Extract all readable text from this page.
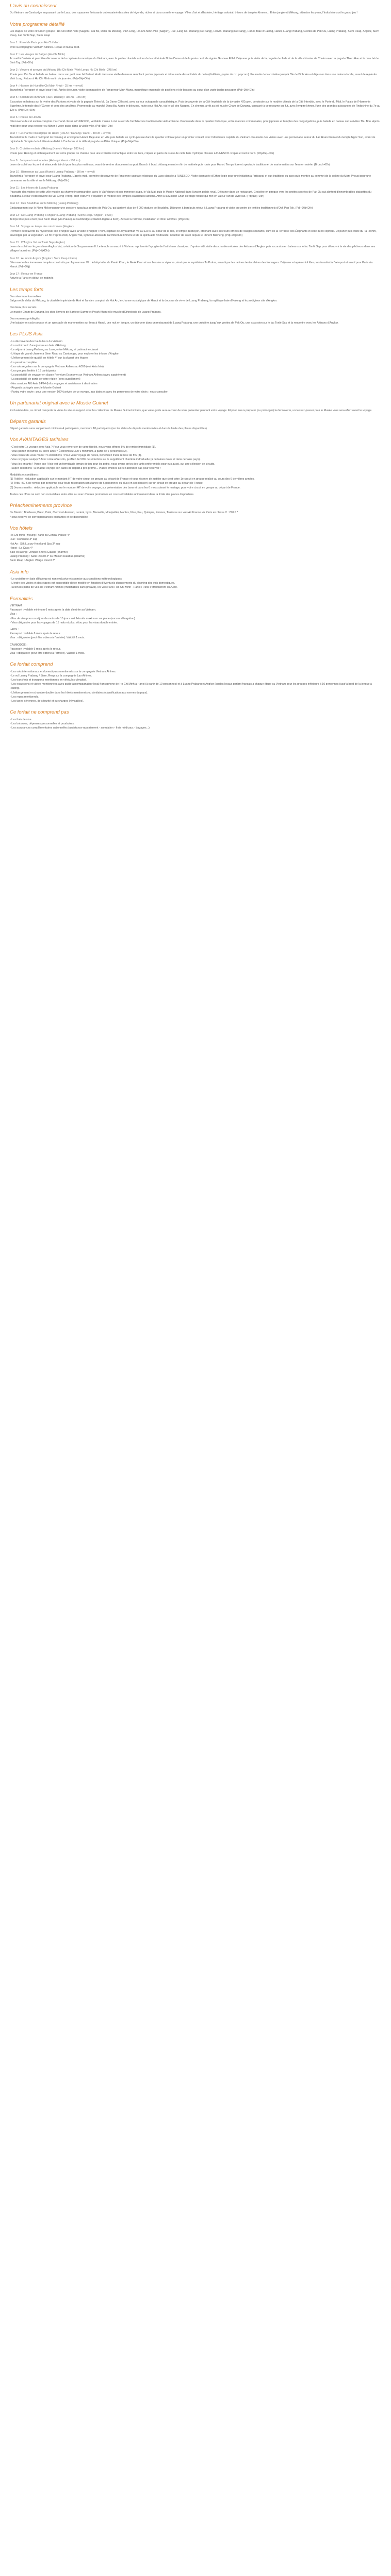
L'avis du connaisseur

Du Vietnam au Cambodge en passant par le Laos, des royaumes florissants ont essaimé des sites de légende, riches si dans un même voyage. Villes d'art et d'histoire, héritage colonial, trésors de temples khmers... Entre jungle et Mékong, attention les yeux, l'Indochine sort le grand jeu !

Votre programme détaillé

Les étapes de votre circuit en groupe : Ho-Chi-Minh-Ville (Saigon), Cai Be, Delta du Mékong, Vinh Long, Ho-Chi-Minh-Ville (Saigon), Hué, Lang Co, Danang (De Nang), Hoi An, Danang (De Nang), Hanoi, Baie d'Halong, Hanoi, Luang Prabang, Grottes de Pak Ou, Luang Prabang, Siem Reap, Angkor, Siem Reap, Lac Tonlé Sap, Siem Reap

Jour 1 : Envol de Paris pour Ho Chi Minh

avec la compagnie Vietnam Airlines. Repas et nuit à bord.

Jour 2 : Les visages de Saïgon (Ho Chi Minh)

Accueil à l'arrivée et première découverte de la capitale économique du Vietnam, avec la partie coloniale autour de la cathédrale Notre-Dame et de la poste centrale signée Gustave Eiffel. Déjeuner puis visite de la pagode de Jade et de la ville chinoise de Cholon avec la pagode Thien Hau et le marché de Binh Tay. (Pdj+Dîn)

Jour 3 : Vergers et arroyos du Mékong (Ho Chi Minh / Vinh Long / Ho Chi Minh - 245 km)

Route pour Cai Be et balade en bateau dans son petit marché flottant. Arrêt dans une vieille demeure remplacé par les japonais et découverte des activités du delta (distillerie, papier de riz, popcorn). Poursuite de la croisière jusqu'à l'île de Binh Hoa et déjeuner dans une maison locale, avant de rejoindre Vinh Long. Retour à Ho Chi Minh en fin de journée. (Pdj+Déj+Dîn)

Jour 4 : Histoire de Hué (Ho Chi Minh / Hué - 25 km + envol)

Transfert à l'aéroport et envol pour Hué. Après déjeuner, visite du mausolée de l'empereur Minh Mang, magnifique ensemble de pavillons et de bassins au cœur d'un vaste jardin paysager. (Pdj+Déj+Dîn)

Jour 5 : Splendeurs d'Annam (Hué / Danang / Hoi An - 145 km)

Excursion en bateau sur la rivière des Parfums et visite de la pagode Thien Mu (la Dame Céleste), avec sa tour octogonale caractéristique. Puis découverte de la Cité Impériale de la dynastie N'Guyen, construite sur le modèle chinois de la Cité Interdite, avec le Porte du Midi, le Palais de l'Harmonie Suprême, le temple des N'Guyen et celui des ancêtres. Promenade au marché Dong Ba. Après le déjeuner, route pour Hoi An, via le col des Nuages. En chemin, arrêt au joli musée Cham de Danang, consacré à ce royaume qui fut, avec l'empire khmer, l'une des grandes puissances de l'Indochine du 7e au 12e s. (Pdj+Déj+Dîn)

Jour 6 : Poésie de Hoi An

Découverte de cet ancien comptoir marchand classé à l'UNESCO, véritable musée à ciel ouvert de l'architecture traditionnelle vietnamienne. Promenade dans le quartier historique, entre maisons communales, pont japonais et temples des congrégations, puis balade en bateau sur la rivière Thu Bon. Après-midi libre pour vous reposer ou flâner à votre guise dans la vieille ville. (Pdj+Déj+Dîn)

Jour 7 : Le charme nostalgique de Hanoï (Hoi An / Danang / Hanoï - 40 km + envol)

Transfert tôt le matin à l'aéroport de Danang et envol pour Hanoi. Déjeuner en ville puis balade en cyclo-pousse dans le quartier colonial pour un premier contact avec l'attachante capitale du Vietnam. Poursuite des visites avec une promenade autour du Lac Hoan Kiem et du temple Ngoc Son, avant de rejoindre le Temple de la Littérature dédié à Confucius et le délicat pagode au Pilier Unique. (Pdj+Déj+Dîn)

Jour 8 : Croisière en baie d'Halong (Hanoi / Halong - 180 km)

Route pour Halong et embarquement sur votre jonque de charme pour une croisière romantique entre les îlots, criques et pains de sucre de cette baie mythique classée à l'UNESCO. Repas et nuit à bord. (Pdj+Déj+Dîn)

Jour 9 : Jonque et marionnettes (Halong / Hanoi - 180 km)

Lever de soleil sur le pont et séance de tai-chi pour les plus matinaux, avant de rentrer doucement au port. Brunch à bord, débarquement en fin de matinée puis route pour Hanoi. Temps libre et spectacle traditionnel de marionnettes sur l'eau en soirée. (Brunch+Dîn)

Jour 10 : Bienvenue au Laos (Hanoi / Luang Prabang - 30 km + envol)

Transfert à l'aéroport et envol pour Luang Prabang. L'après-midi, première découverte de l'ancienne capitale religieuse du Laos classée à l'UNESCO. Visite du musée d'Ethno-logie pour une initiation à l'artisanat et aux traditions du pays puis montée au sommet de la colline du Mont Phousi pour une panorama sur la ville et sur le Mékong. (Pdj+Dîn)

Jour 11 : Les trésors de Luang Prabang

Poursuite des visites de cette ville-musée au charme incomparable, avec le Vat Visoun et son immense stupa, le Vat Mai, puis le Musée National dans l'ancien palais royal. Déjeuner dans un restaurant. Croisière en pirogue vers les grottes sacrées de Pak Ou qui abritent d'innombrables statuettes du Bouddha. Retour et découverte du Vat Xieng Thong, chef-d'œuvre d'équilibre et modèle des temples classiques laotiens. Arrêt à la Maison Chan Heritage house qui met en valeur l'art de vivre lao. (Pdj+Déj+Dîn)

Jour 12 : Des Bouddhas sur le Mékong (Luang Prabang)

Embarquement sur le Nava Mékong pour une croisière jusqu'aux grottes de Pak Ou, qui abritent plus de 4 000 statues de Bouddha. Déjeuner à bord puis retour à Luang Prabang et visite du centre de textiles traditionnels d'Ock Pop Tok. (Pdj+Déj+Dîn)

Jour 13 : De Luang Prabang à Angkor (Luang Prabang / Siem Reap / Angkor - envol)

Temps libre puis envol pour Siem Reap (via Pakse) au Cambodge (collation légère à bord). Accueil à l'arrivée, installation et dîner à l'hôtel. (Pdj+Dîn)

Jour 14 : Voyage au temps des rois khmers (Angkor)

Première découverte du mystérieux site d'Angkor avec la visite d'Angkor Thom, capitale de Jayavarman VII au 12e s. Au cœur de la cité, le temple du Bayon, étonnant avec ses tours ornées de visages souriants, suivi de la Terrasse des Éléphants et celle du roi lépreux. Déjeuner puis visite du Ta Prohm, enveloppé par la végétation. En fin d'après-midi, Angkor Vat, symbole absolu de l'architecture khmère et de la spiritualité hindouiste. Coucher de soleil depuis le Phnom Bakheng. (Pdj+Déj+Dîn)

Jour 15 : D'Angkor Vat au Tonlé Sap (Angkor)

Lever de soleil sur le grandiose Angkor Vat, création de Suryavarman II. Le temple consacré à Vishnou représente l'apogée de l'art khmer classique. L'après-midi, visite des chantiers-écoles des Artisans d'Angkor puis excursion en bateau sur le lac Tonlé Sap pour découvrir la vie des pêcheurs dans ses villages lacustres. (Pdj+Déj+Dîn)

Jour 16 : Au revoir Angkor (Angkor / Siem Reap / Paris)

Découverte des immenses temples construits par Jayavarman VII : le labyrinthe du Preah Khan, le Neak Pean et ses bassins sculptures, ainsi que le mystérieux Ta Prohm, envahi par les racines tentaculaires des fromagers. Déjeuner et après-midi libre puis transfert à l'aéroport et envol pour Paris via Hanoi. (Pdj+Déj)

Jour 17 : Retour en France

Arrivée à Paris en début de matinée.

Les temps forts

Des sites incontournables

Saïgon et le delta du Mékong, la citadelle impériale de Hué et l'ancien comptoir de Hoi An, le charme nostalgique de Hanoi et la douceur de vivre de Luang Prabang, la mythique baie d'Halong et le prodigieux site d'Angkor.

Des lieux plus secrets

Le musée Cham de Danang, les sites khmers de Banteay Samre et Preah Khan et le musée d'Ethnologie de Luang Prabang.

Des moments privilégiés

Une balade en cyclo-pousse et un spectacle de marionnettes sur l'eau à Hanoï, une nuit en jonque, un déjeuner dans un restaurant de Luang Prabang, une croisière jusqu'aux grottes de Pak Ou, une excursion sur le lac Tonlé Sap et la rencontre avec les Artisans d'Angkor.

Les PLUS Asia

- La découverte des hauts-lieux du Vietnam

- La nuit à bord d'une jonque en baie d'Halong

- Le séjour à Luang Prabang au Laos, entre Mékong et patrimoine classé

- L'étape de grand charme à Siem Reap au Cambodge, pour explorer les trésors d'Angkor

- L'hébergement de qualité en hôtels 4* sur la plupart des étapes

- La pension complète

- Les vols réguliers sur la compagnie Vietnam Airlines au A350 (voir Asia Info)

- Les groupes limités à 18 participants

- La possibilité de voyager en classe Premium Economy sur Vietnam Airlines (avec supplément)

- La possibilité de partir de votre région (avec supplément)

- Nos services Allô Asia 24/24 (Infos voyages et assistance à destination

- Regards partagés avec le Musée Guimet

- Partez votre envie : pour une version 100% privée de ce voyage, aux dates et avec les personnes de votre choix : nous consulter.

Un partenariat original avec le Musée Guimet

Exclusivité Asia, ce circuit comporte la visite du site en rapport avec les collections du Musée Guimet à Paris, que votre guide aura à cœur de vous présenter pendant votre voyage. Et pour mieux préparer (ou prolonger) la découverte, un laissez-passer pour le Musée vous sera offert avant le voyage.

Départs garantis

Départ garantis sans supplément minimum 4 participants, maximum 18 participants (sur les dates de départs mentionnées et dans la limite des places disponibles).

Vos AVANTAGES tarifaires

- C'est votre 1e voyage avec Asia ? Pour vous remercier de votre fidélité, nous vous offrons 5% de remise immédiate (1).

- Vous partez en famille ou entre amis ? Économisez 300 € minimum, à partir de 6 personnes (2).

- Vous venez de vous marier ? Félicitations ! Pour votre voyage de noces, bénéficiez d'une remise de 5% (3).

- Vous voyagez seul(e) ? Avec notre offre solo, profitez de 50% de réduction sur le supplément chambre individuelle (à certaines dates et dans certains pays).

- Vous les enfants ! Parce que l'Asie est un formidable terrain de jeu pour les petits, nous avons prévu des tarifs préférentiels pour eux aussi, sur une sélection de circuits.

- Super Tentations : à chaque voyage son dates de départ à prix promo... Places limitées alors n'attendez pas pour réserver !

Modalités et conditions :

(1) Fidélité : réduction applicable sur le montant HT de votre circuit en groupe au départ de France et vous réserve de justifier que c'est votre 1e circuit en groupe réalisé au cours des 6 dernières années.

(2) Tribu : 50 € de remise par personne pour toute réservation simultanée de 6 personnes ou plus (en soit dossier) sur un circuit en groupe au départ de France.

(3) Jeunes mariés : réduction applicable sur le montant HT de votre voyage, sur présentation des bans et dans les 6 mois suivant le mariage, pour votre circuit en groupe au départ de France.

Toutes ces offres ne sont non cumulables entre elles ou avec d'autres promotions en cours et valables uniquement dans la limite des places disponibles.

Préacheminements province

De Biarritz, Bordeaux, Brest, Calvi, Clermont-Ferrand, Lorient, Lyon, Marseille, Montpellier, Nantes, Nice, Pau, Quimper, Rennes, Toulouse sur vols Air France via Paris en classe V : 270 € *

* sous réserve de correspondances existantes et de disponibilité.

Vos hôtels

Ho Chi Minh : Moung Thanh ou Central Palace 4*

Hué : Romance 3* sup

Hoi An : Silk Luxury Hotel and Spa 3* sup

Hanoi : La Casa 4*

Baie d'Halong : Jonque Bhaya Classic (charme)

Luang Prabang : Santi Resort 4* ou Maison Dalabua (charme)

Siem Reap : Angkor Village Resort 3*

Asia info

- Le croisière en baie d'Halong est non exclusive et soumise aux conditions météorologiques.

- L'ordre des visites et des étapes est susceptible d'être modifié en fonction d'éventuels changements du planning des vols domestiques.

- Selon les plans de vols de Vietnam Airlines (modifiables sans préavis), les vols Paris / Ho Chi Minh - Hanoi / Paris s'effectueront en A350.

Formalités

VIETNAM :

Passeport : valable minimum 6 mois après la date d'entrée au Vietnam.

Visa :

- Pas de visa pour un séjour de moins de 15 jours soit 14 nuits maximum sur place (aucune dérogation)

- Visa obligatoire pour les voyages de 15 nuits et plus, et/ou pour les visas double entrée.

LAOS :

Passeport : valable 6 mois après le retour.

Visa : obligatoire (peut être obtenu à l'arrivée). Validité 1 mois.

CAMBODGE :

Passeport : valable 6 mois après le retour.

Visa : obligatoire (peut être obtenu à l'arrivée). Validité 1 mois.

Ce forfait comprend

- Les vols internationaux et domestiques mentionnés sur la compagnie Vietnam Airlines.

- Le vol Luang Prabang / Siem, Reap sur la compagnie Lao Airlines.

- Les transferts et transports mentionnés en véhicules climatisé.

- Les excursions et visites mentionnées avec guide accompagnateur local francophone de Ho Chi Minh à Hanoi (à partir de 10 personnes) et à Luang Prabang et Angkor (guides locaux parlant français à chaque étape au Vietnam pour les groupes inférieurs à 10 personnes (sauf à bord de la jonque à Halong).

- L'hébergement en chambre double dans les hôtels mentionnés ou similaires (classification aux normes du pays).

- Les repas mentionnés.

- Les taxes aériennes, de sécurité et surcharges (révisables).

Ce forfait ne comprend pas

- Les frais de visa

- Les boissons, dépenses personnelles et pourboires.

- Les assurances complémentaires optionnelles (assistance-rapatriement - annulation - frais médicaux - bagages...)
